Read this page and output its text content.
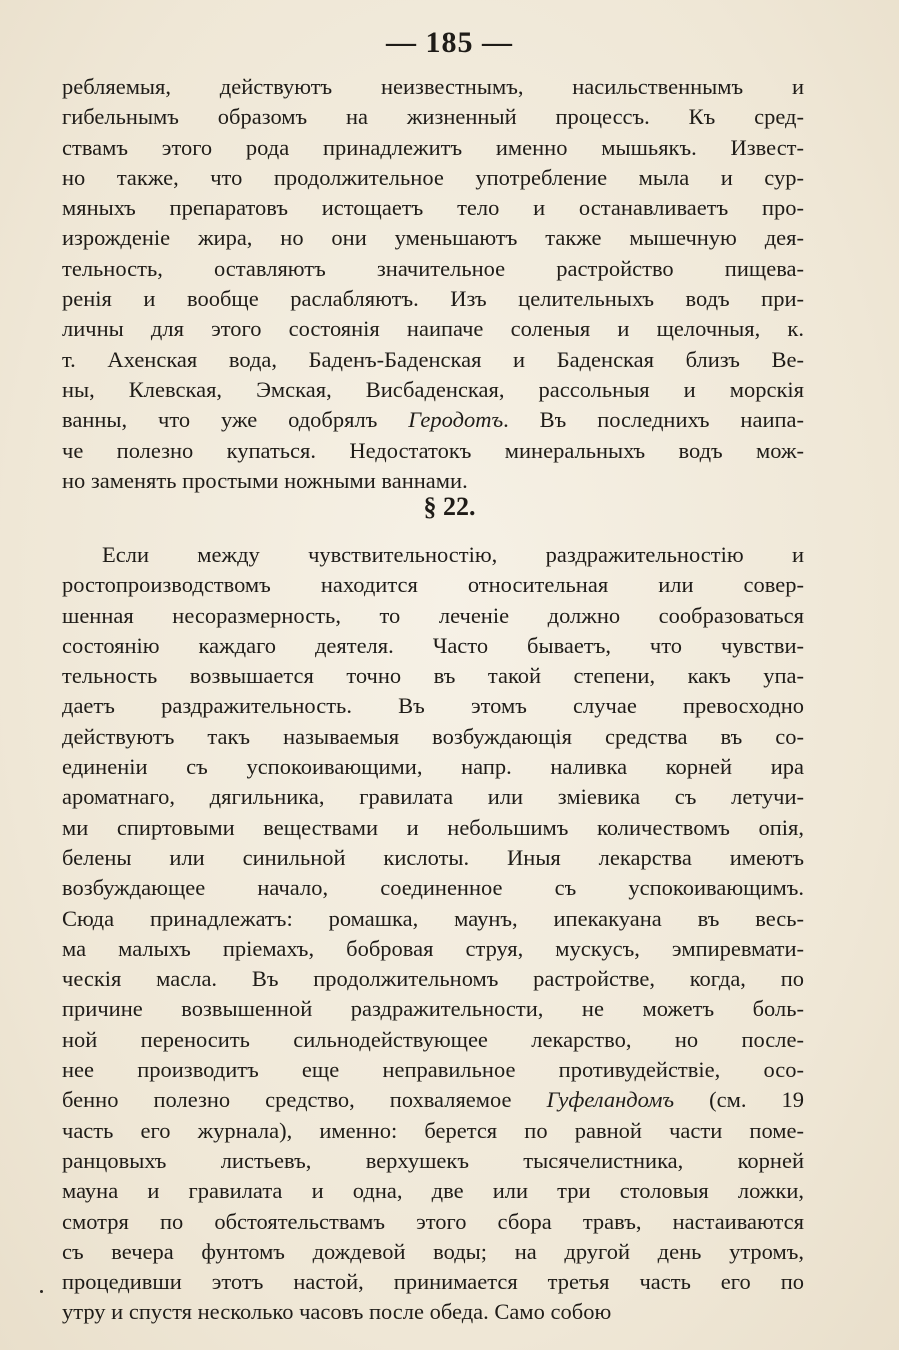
— 185 —
ребляемыя, действуютъ неизвестнымъ, насильственнымъ и
гибельнымъ образомъ на жизненный процессъ. Къ сред-
ствамъ этого рода принадлежитъ именно мышьякъ. Извест-
но также, что продолжительное употребление мыла и сур-
мяныхъ препаратовъ истощаетъ тело и останавливаетъ про-
изрожденiе жира, но они уменьшаютъ также мышечную дея-
тельность, оставляютъ значительное растройство пищева-
ренiя и вообще раслабляютъ. Изъ целительныхъ водъ при-
личны для этого состоянiя наипаче соленыя и щелочныя, к.
т. Ахенская вода, Баденъ-Баденская и Баденская близъ Ве-
ны, Клевская, Эмская, Висбаденская, рассольныя и морскiя
ванны, что уже одобрялъ Геродотъ. Въ последнихъ наипа-
че полезно купаться. Недостатокъ минеральныхъ водъ мож-
но заменять простыми ножными ваннами.
§ 22.
Если между чувствительностiю, раздражительностiю и
ростопроизводствомъ находится относительная или совер-
шенная несоразмерность, то леченiе должно сообразоваться
состоянiю каждаго деятеля. Часто бываетъ, что чувстви-
тельность возвышается точно въ такой степени, какъ упа-
даетъ раздражительность. Въ этомъ случае превосходно
действуютъ такъ называемыя возбуждающiя средства въ со-
единенiи съ успокоивающими, напр. наливка корней ира
ароматнаго, дягильника, гравилата или змiевика съ летучи-
ми спиртовыми веществами и небольшимъ количествомъ опiя,
белены или синильной кислоты. Иныя лекарства имеютъ
возбуждающее начало, соединенное съ успокоивающимъ.
Сюда принадлежатъ: ромашка, маунъ, ипекакуана въ весь-
ма малыхъ прiемахъ, бобровая струя, мускусъ, эмпиревмати-
ческiя масла. Въ продолжительномъ растройстве, когда, по
причине возвышенной раздражительности, не можетъ боль-
ной переносить сильнодействующее лекарство, но после-
нее производитъ еще неправильное противудействiе, осо-
бенно полезно средство, похваляемое Гуфеландомъ (см. 19
часть его журнала), именно: берется по равной части поме-
ранцовыхъ листьевъ, верхушекъ тысячелистника, корней
мауна и гравилата и одна, две или три столовыя ложки,
смотря по обстоятельствамъ этого сбора травъ, настаиваются
съ вечера фунтомъ дождевой воды; на другой день утромъ,
процедивши этотъ настой, принимается третья часть его по
утру и спустя несколько часовъ после обеда. Само собою
